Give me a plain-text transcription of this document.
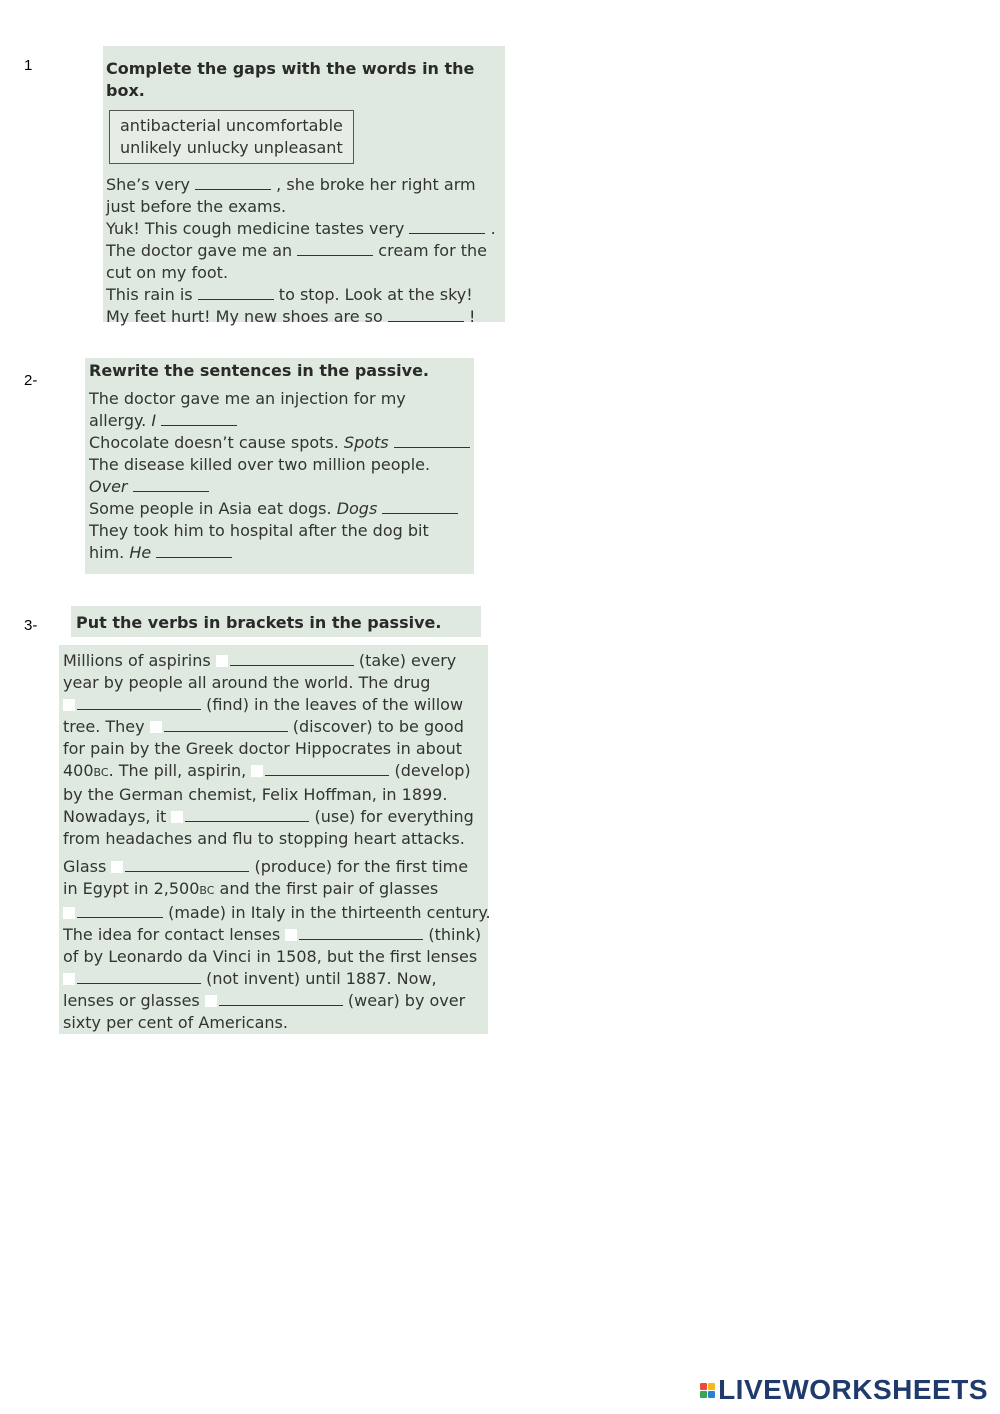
1	Complete the gaps with the words in the box.
antibacterial uncomfortable
unlikely unlucky unpleasant
She’s very	, she broke her right arm
just before the exams.
Yuk! This cough medicine tastes very	.
The doctor gave me an	cream for the
cut on my foot.
This rain is	to stop. Look at the sky!
My feet hurt! My new shoes are so	!
2-
Rewrite the sentences in the passive.
The doctor gave me an injection for my
allergy. I
Chocolate doesn’t cause spots. Spots
The disease killed over two million people.
Over
Some people in Asia eat dogs. Dogs
They took him to hospital after the dog bit
him. He
3- Put the verbs in brackets in the passive.
Millions of aspirins	(take) every
year by people all around the world. The drug
(find) in the leaves of the willow
tree. They	(discover) to be good
for pain by the Greek doctor Hippocrates in about
400BC. The pill, aspirin,	(develop)
by the German chemist, Felix Hoffman, in 1899.
Nowadays, it	(use) for everything
from headaches and flu to stopping heart attacks.
Glass	(produce) for the first time
in Egypt in 2,500BC and the first pair of glasses
(made) in Italy in the thirteenth century.
The idea for contact lenses	(think)
of by Leonardo da Vinci in 1508, but the first lenses
(not invent) until 1887. Now,
lenses or glasses	(wear) by over
sixty per cent of Americans.
LIVEWORKSHEETS
